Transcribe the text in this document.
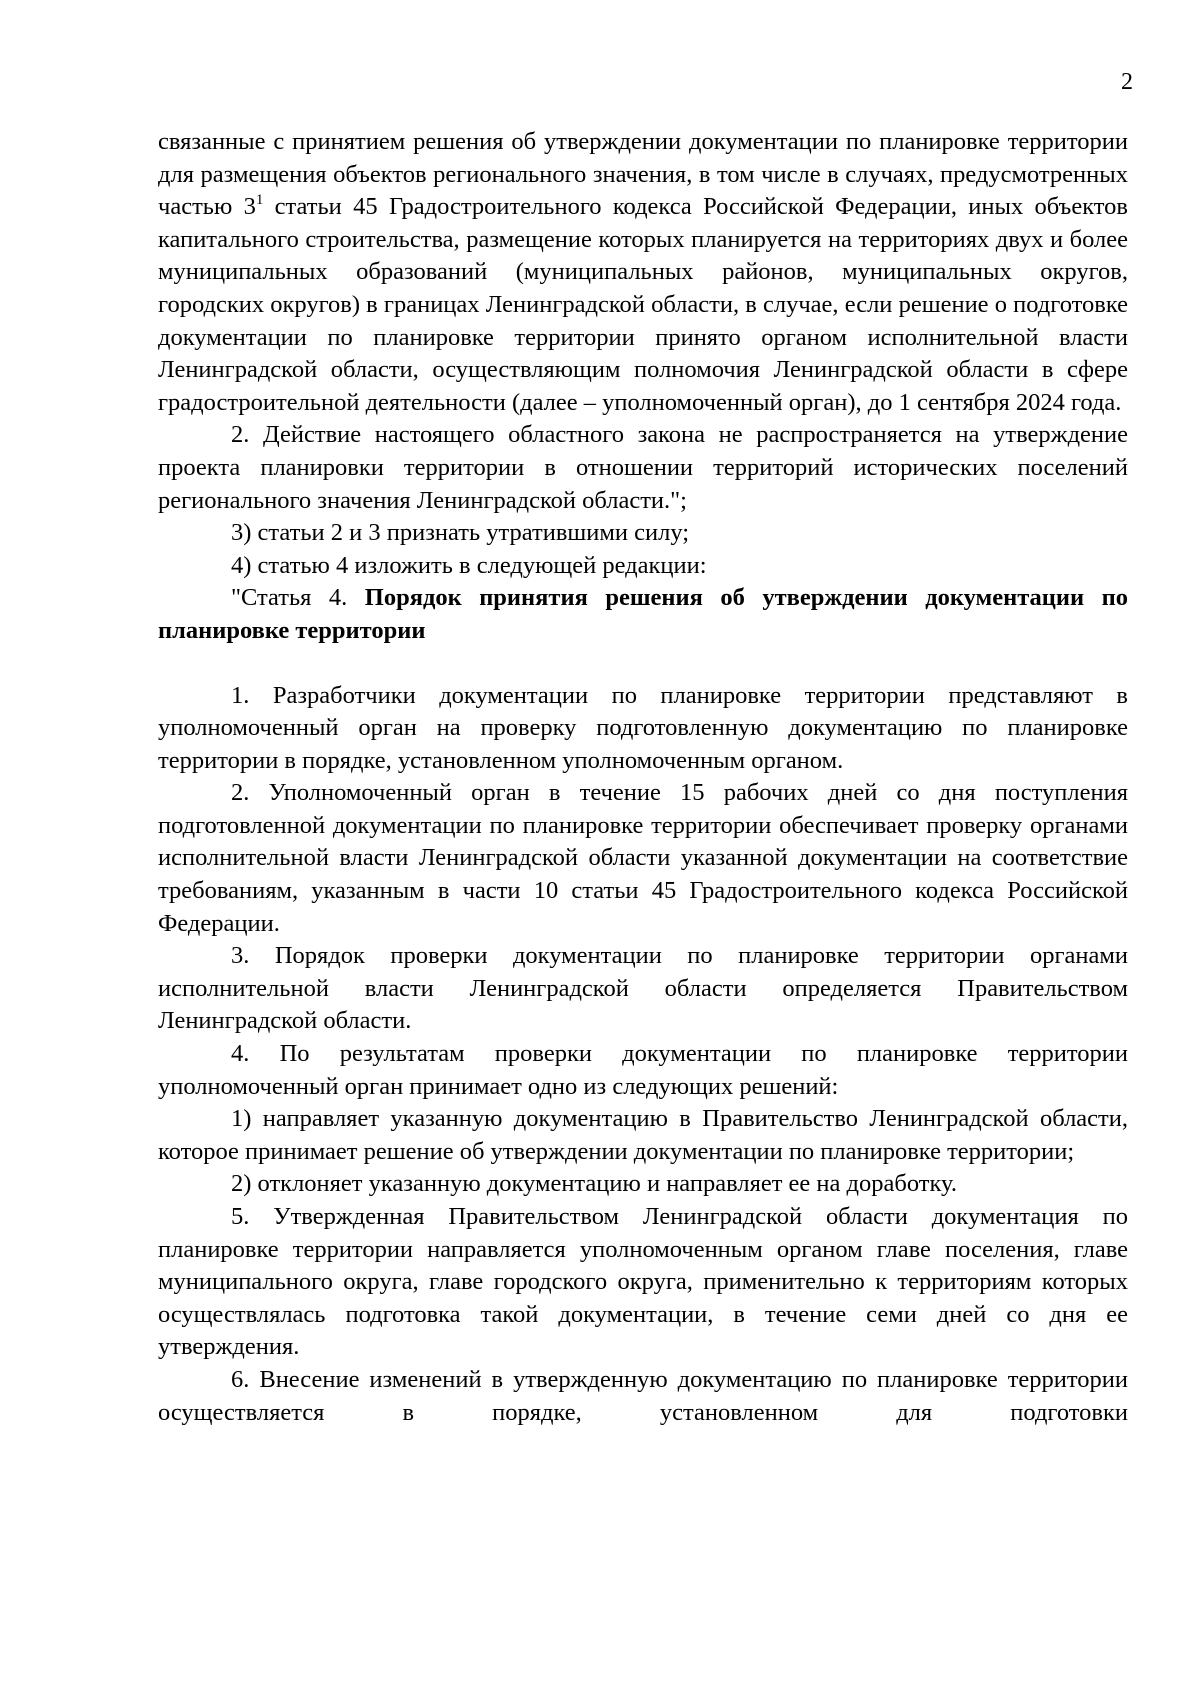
2

связанные с принятием решения об утверждении документации по планировке территории для размещения объектов регионального значения, в том числе в случаях, предусмотренных частью $3^1$ статьи 45 Градостроительного кодекса Российской Федерации, иных объектов капитального строительства, размещение которых планируется на территориях двух и более муниципальных образований (муниципальных районов, муниципальных округов, городских округов) в границах Ленинградской области, в случае, если решение о подготовке документации по планировке территории принято органом исполнительной власти Ленинградской области, осуществляющим полномочия Ленинградской области в сфере градостроительной деятельности (далее – уполномоченный орган), до 1 сентября 2024 года.

2. Действие настоящего областного закона не распространяется на утверждение проекта планировки территории в отношении территорий исторических поселений регионального значения Ленинградской области.";

3) статьи 2 и 3 признать утратившими силу;

4) статью 4 изложить в следующей редакции:

"Статья 4. Порядок принятия решения об утверждении документации по планировке территории

1. Разработчики документации по планировке территории представляют в уполномоченный орган на проверку подготовленную документацию по планировке территории в порядке, установленном уполномоченным органом.

2. Уполномоченный орган в течение 15 рабочих дней со дня поступления подготовленной документации по планировке территории обеспечивает проверку органами исполнительной власти Ленинградской области указанной документации на соответствие требованиям, указанным в части 10 статьи 45 Градостроительного кодекса Российской Федерации.

3. Порядок проверки документации по планировке территории органами исполнительной власти Ленинградской области определяется Правительством Ленинградской области.

4. По результатам проверки документации по планировке территории уполномоченный орган принимает одно из следующих решений:

1) направляет указанную документацию в Правительство Ленинградской области, которое принимает решение об утверждении документации по планировке территории;

2) отклоняет указанную документацию и направляет ее на доработку.

5. Утвержденная Правительством Ленинградской области документация по планировке территории направляется уполномоченным органом главе поселения, главе муниципального округа, главе городского округа, применительно к территориям которых осуществлялась подготовка такой документации, в течение семи дней со дня ее утверждения.

6. Внесение изменений в утвержденную документацию по планировке территории осуществляется в порядке, установленном для подготовки
